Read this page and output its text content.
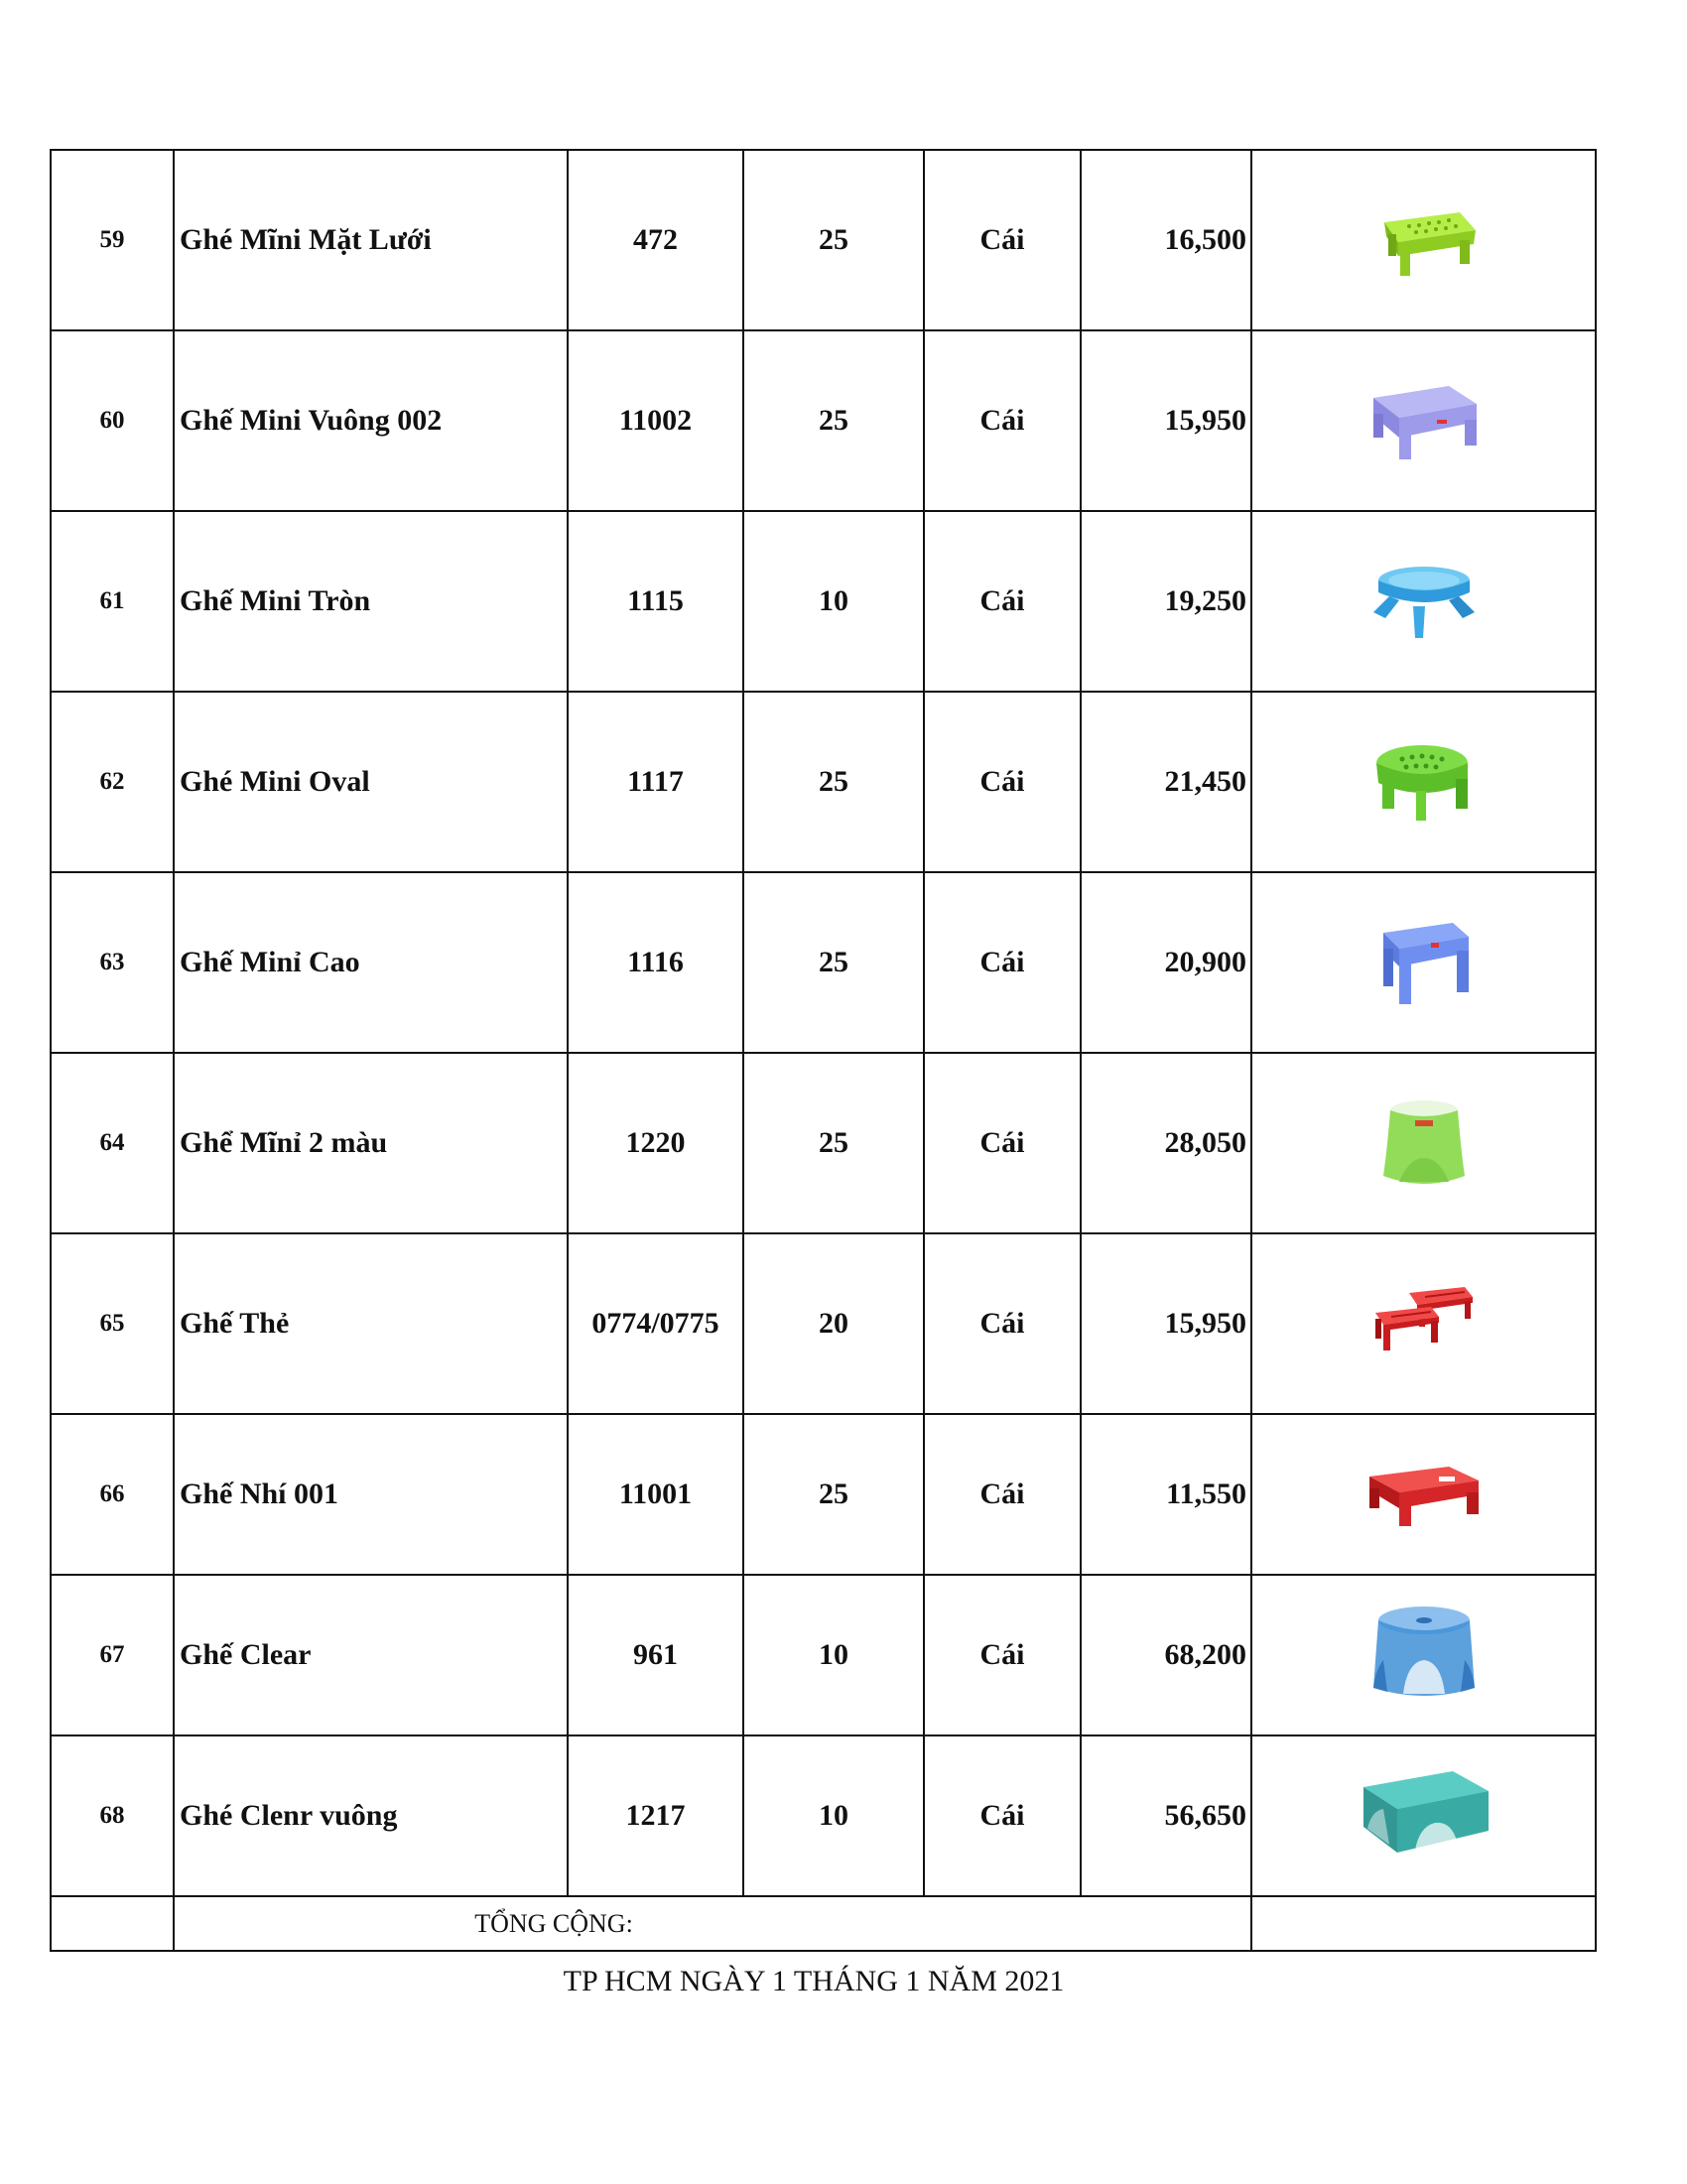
59	Ghé Mĩni Mặt Lưới	472	25	Cái	16,500	
60	Ghế Mini Vuông 002	11002	25	Cái	15,950	
61	Ghế Mini Tròn	1115	10	Cái	19,250	
62	Ghé Mini Oval	1117	25	Cái	21,450	
63	Ghế Minỉ Cao	1116	25	Cái	20,900	
64	Ghể Mĩnỉ 2 màu	1220	25	Cái	28,050	
65	Ghế Thẻ	0774/0775	20	Cái	15,950	
66	Ghế Nhí 001	11001	25	Cái	11,550	
67	Ghế Clear	961	10	Cái	68,200	
68	Ghé Clenr vuông	1217	10	Cái	56,650	
	TỔNG CỘNG:					
TP HCM NGÀY 1 THÁNG 1 NĂM 2021
